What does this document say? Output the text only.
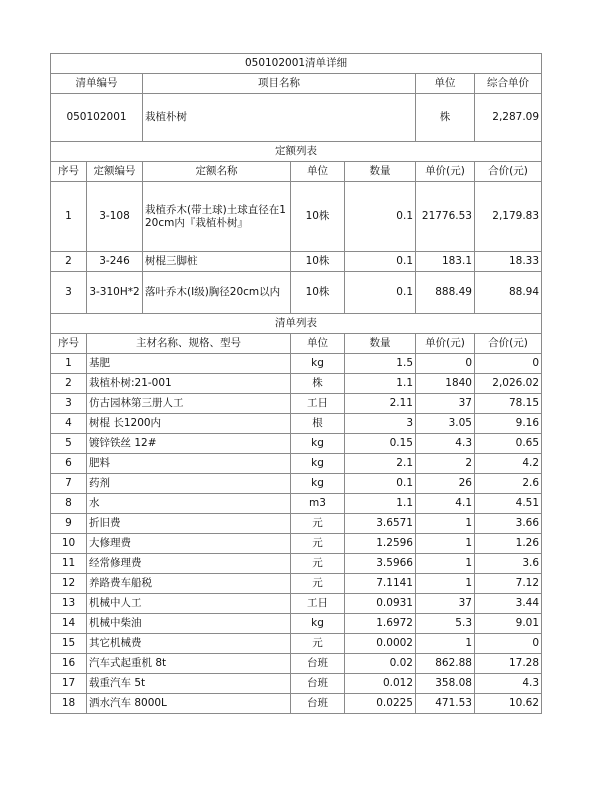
050102001清单详细						
清单编号		项目名称			单位	综合单价
050102001		栽植朴树			株	2,287.09
定额列表						
序号	定额编号	定额名称	单位	数量	单价(元)	合价(元)
1	3-108	栽植乔木(带土球)土球直径在120cm内『栽植朴树』	10株	0.1	21776.53	2,179.83
2	3-246	树棍三脚桩	10株	0.1	183.1	18.33
3	3-310H*2	落叶乔木(I级)胸径20cm以内	10株	0.1	888.49	88.94
清单列表						
序号	主材名称、规格、型号		单位	数量	单价(元)	合价(元)
1	基肥		kg	1.5	0	0
2	栽植朴树:21-001		株	1.1	1840	2,026.02
3	仿古园林第三册人工		工日	2.11	37	78.15
4	树棍 长1200内		根	3	3.05	9.16
5	镀锌铁丝 12#		kg	0.15	4.3	0.65
6	肥料		kg	2.1	2	4.2
7	药剂		kg	0.1	26	2.6
8	水		m3	1.1	4.1	4.51
9	折旧费		元	3.6571	1	3.66
10	大修理费		元	1.2596	1	1.26
11	经常修理费		元	3.5966	1	3.6
12	养路费车船税		元	7.1141	1	7.12
13	机械中人工		工日	0.0931	37	3.44
14	机械中柴油		kg	1.6972	5.3	9.01
15	其它机械费		元	0.0002	1	0
16	汽车式起重机 8t		台班	0.02	862.88	17.28
17	载重汽车 5t		台班	0.012	358.08	4.3
18	洒水汽车 8000L		台班	0.0225	471.53	10.62
